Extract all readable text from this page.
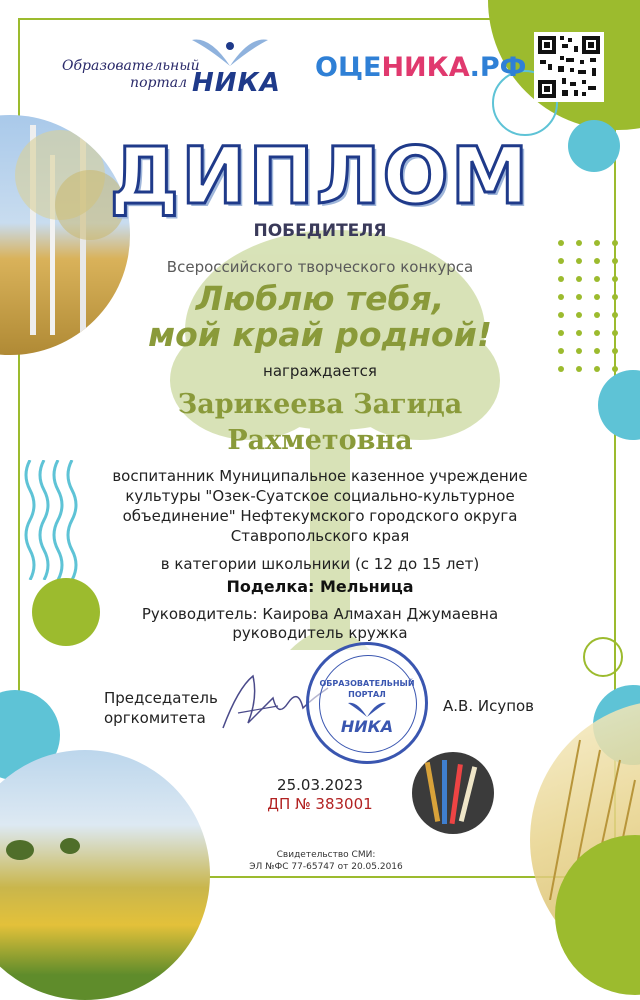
Образовательный портал НИКА ОЦЕНИКА.РФ
ДИПЛОМ
ПОБЕДИТЕЛЯ
Всероссийского творческого конкурса
Люблю тебя,
мой край родной!
награждается
Зарикеева Загида
Рахметовна
воспитанник Муниципальное казенное учреждение
культуры "Озек-Суатское социально-культурное
объединение" Нефтекумского городского округа
Ставропольского края
в категории школьники (с 12 до 15 лет)
Поделка: Мельница
Руководитель: Каирова Алмахан Джумаевна
руководитель кружка
Председатель
оргкомитета
ОБРАЗОВАТЕЛЬНЫЙ
ПОРТАЛ
НИКА
А.В. Исупов
25.03.2023
ДП № 383001
Свидетельство СМИ:
ЭЛ №ФС 77-65747 от 20.05.2016
